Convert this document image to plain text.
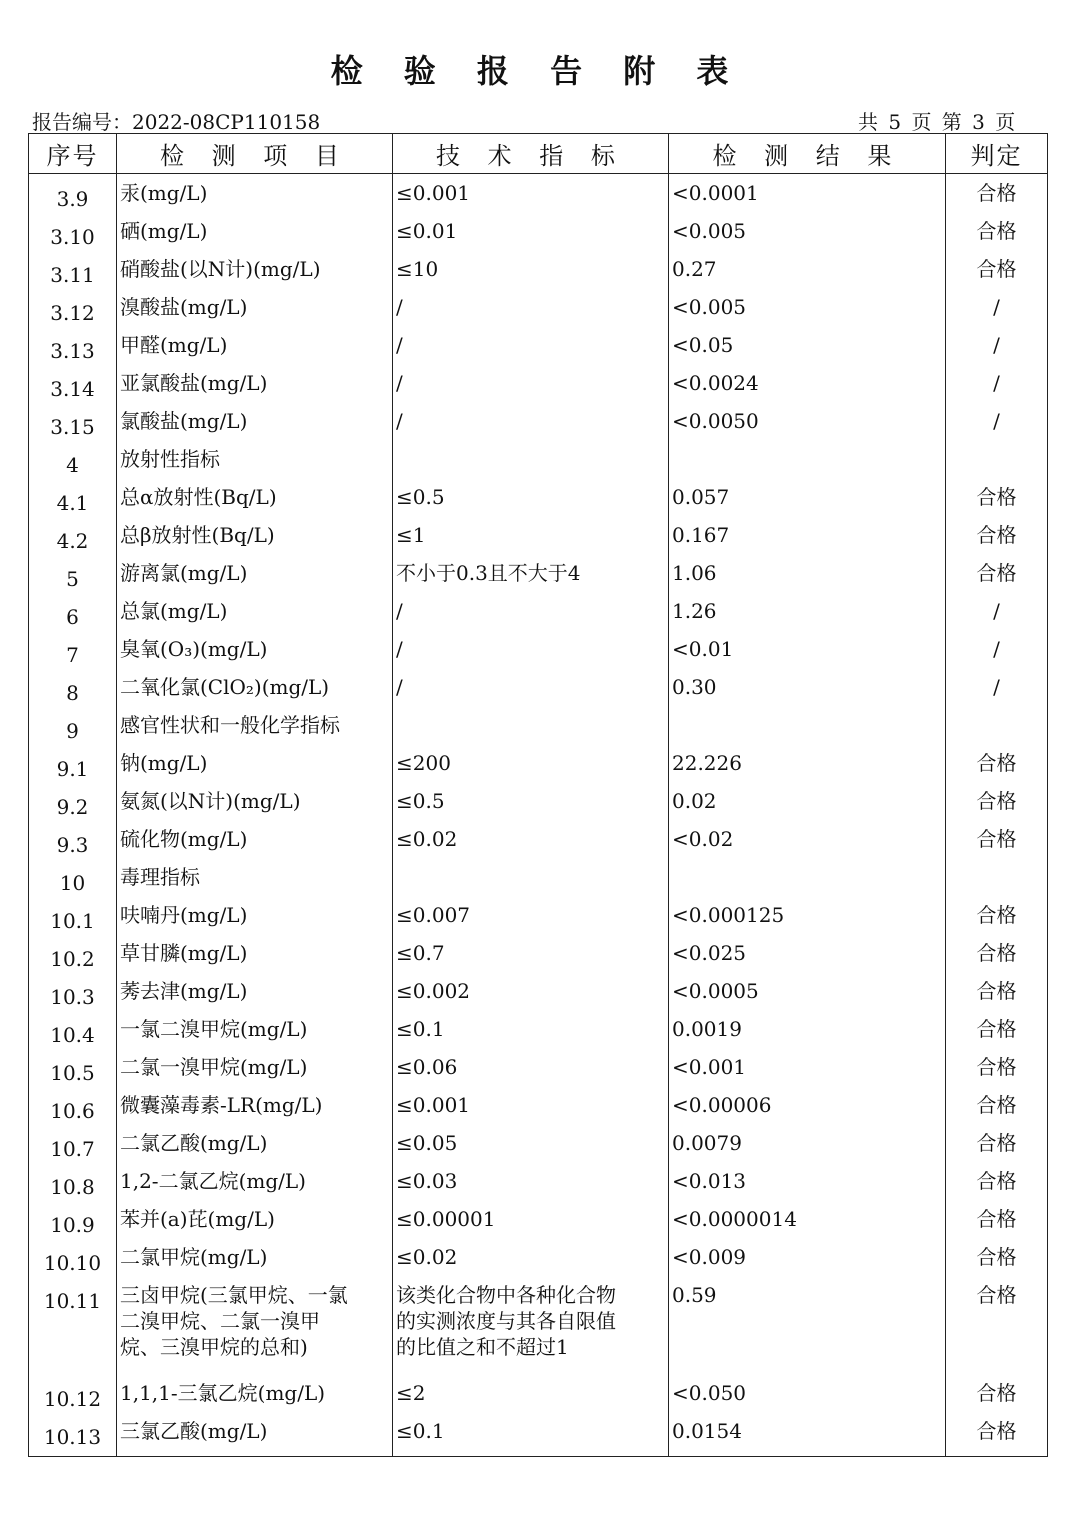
检 验 报 告 附 表
报告编号：2022-08CP110158	共 5 页 第 3 页
序号	检 测 项 目	技 术 指 标	检 测 结 果	判定

3.9	汞(mg/L)	≤0.001	<0.0001	合格
3.10	硒(mg/L)	≤0.01	<0.005	合格
3.11	硝酸盐(以N计)(mg/L)	≤10	0.27	合格
3.12	溴酸盐(mg/L)	/	<0.005	/
3.13	甲醛(mg/L)	/	<0.05	/
3.14	亚氯酸盐(mg/L)	/	<0.0024	/
3.15	氯酸盐(mg/L)	/	<0.0050	/
4	放射性指标			
4.1	总α放射性(Bq/L)	≤0.5	0.057	合格
4.2	总β放射性(Bq/L)	≤1	0.167	合格
5	游离氯(mg/L)	不小于0.3且不大于4	1.06	合格
6	总氯(mg/L)	/	1.26	/
7	臭氧(O₃)(mg/L)	/	<0.01	/
8	二氧化氯(ClO₂)(mg/L)	/	0.30	/
9	感官性状和一般化学指标			
9.1	钠(mg/L)	≤200	22.226	合格
9.2	氨氮(以N计)(mg/L)	≤0.5	0.02	合格
9.3	硫化物(mg/L)	≤0.02	<0.02	合格
10	毒理指标			
10.1	呋喃丹(mg/L)	≤0.007	<0.000125	合格
10.2	草甘膦(mg/L)	≤0.7	<0.025	合格
10.3	莠去津(mg/L)	≤0.002	<0.0005	合格
10.4	一氯二溴甲烷(mg/L)	≤0.1	0.0019	合格
10.5	二氯一溴甲烷(mg/L)	≤0.06	<0.001	合格
10.6	微囊藻毒素-LR(mg/L)	≤0.001	<0.00006	合格
10.7	二氯乙酸(mg/L)	≤0.05	0.0079	合格
10.8	1,2-二氯乙烷(mg/L)	≤0.03	<0.013	合格
10.9	苯并(a)芘(mg/L)	≤0.00001	<0.0000014	合格
10.10	二氯甲烷(mg/L)	≤0.02	<0.009	合格
10.11	三卤甲烷(三氯甲烷、一氯
二溴甲烷、二氯一溴甲
烷、三溴甲烷的总和)	该类化合物中各种化合物
的实测浓度与其各自限值
的比值之和不超过1	0.59	合格
10.12	1,1,1-三氯乙烷(mg/L)	≤2	<0.050	合格
10.13	三氯乙酸(mg/L)	≤0.1	0.0154	合格
